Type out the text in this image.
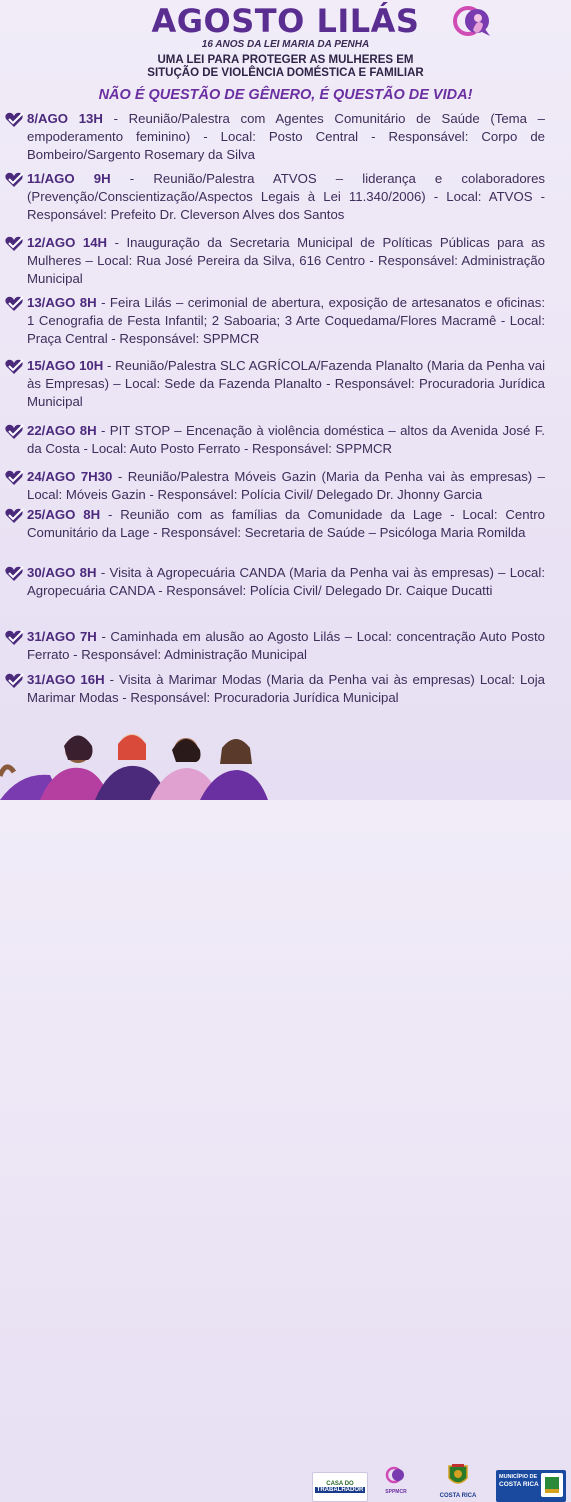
AGOSTO LILÁS
16 ANOS DA LEI MARIA DA PENHA
UMA LEI PARA PROTEGER AS MULHERES EM
SITUÇÃO DE VIOLÊNCIA DOMÉSTICA E FAMILIAR
NÃO É QUESTÃO DE GÊNERO, É QUESTÃO DE VIDA!
8/AGO 13H - Reunião/Palestra com Agentes Comunitário de Saúde (Tema – empoderamento feminino) - Local: Posto Central - Responsável: Corpo de Bombeiro/Sargento Rosemary da Silva
11/AGO 9H - Reunião/Palestra ATVOS – liderança e colaboradores (Prevenção/Conscientização/Aspectos Legais à Lei 11.340/2006) - Local: ATVOS - Responsável: Prefeito Dr. Cleverson Alves dos Santos
12/AGO 14H - Inauguração da Secretaria Municipal de Políticas Públicas para as Mulheres – Local: Rua José Pereira da Silva, 616 Centro - Responsável: Administração Municipal
13/AGO 8H - Feira Lilás – cerimonial de abertura, exposição de artesanatos e oficinas: 1 Cenografia de Festa Infantil; 2 Saboaria; 3 Arte Coquedama/Flores Macramê - Local: Praça Central - Responsável: SPPMCR
15/AGO 10H - Reunião/Palestra SLC AGRÍCOLA/Fazenda Planalto (Maria da Penha vai às Empresas) – Local: Sede da Fazenda Planalto - Responsável: Procuradoria Jurídica Municipal
22/AGO 8H - PIT STOP – Encenação à violência doméstica – altos da Avenida José F. da Costa - Local: Auto Posto Ferrato - Responsável: SPPMCR
24/AGO 7H30 - Reunião/Palestra Móveis Gazin (Maria da Penha vai às empresas) – Local: Móveis Gazin - Responsável: Polícia Civil/ Delegado Dr. Jhonny Garcia
25/AGO 8H - Reunião com as famílias da Comunidade da Lage - Local: Centro Comunitário da Lage - Responsável: Secretaria de Saúde – Psicóloga Maria Romilda
30/AGO 8H - Visita à Agropecuária CANDA (Maria da Penha vai às empresas) – Local: Agropecuária CANDA - Responsável: Polícia Civil/ Delegado Dr. Caique Ducatti
31/AGO 7H - Caminhada em alusão ao Agosto Lilás – Local: concentração Auto Posto Ferrato - Responsável: Administração Municipal
31/AGO 16H - Visita à Marimar Modas (Maria da Penha vai às empresas) Local: Loja Marimar Modas - Responsável: Procuradoria Jurídica Municipal
CASA DO
TRABALHADOR	SPPMCR
COSTA RICA
MUNICÍPIO DE
COSTA RICA
